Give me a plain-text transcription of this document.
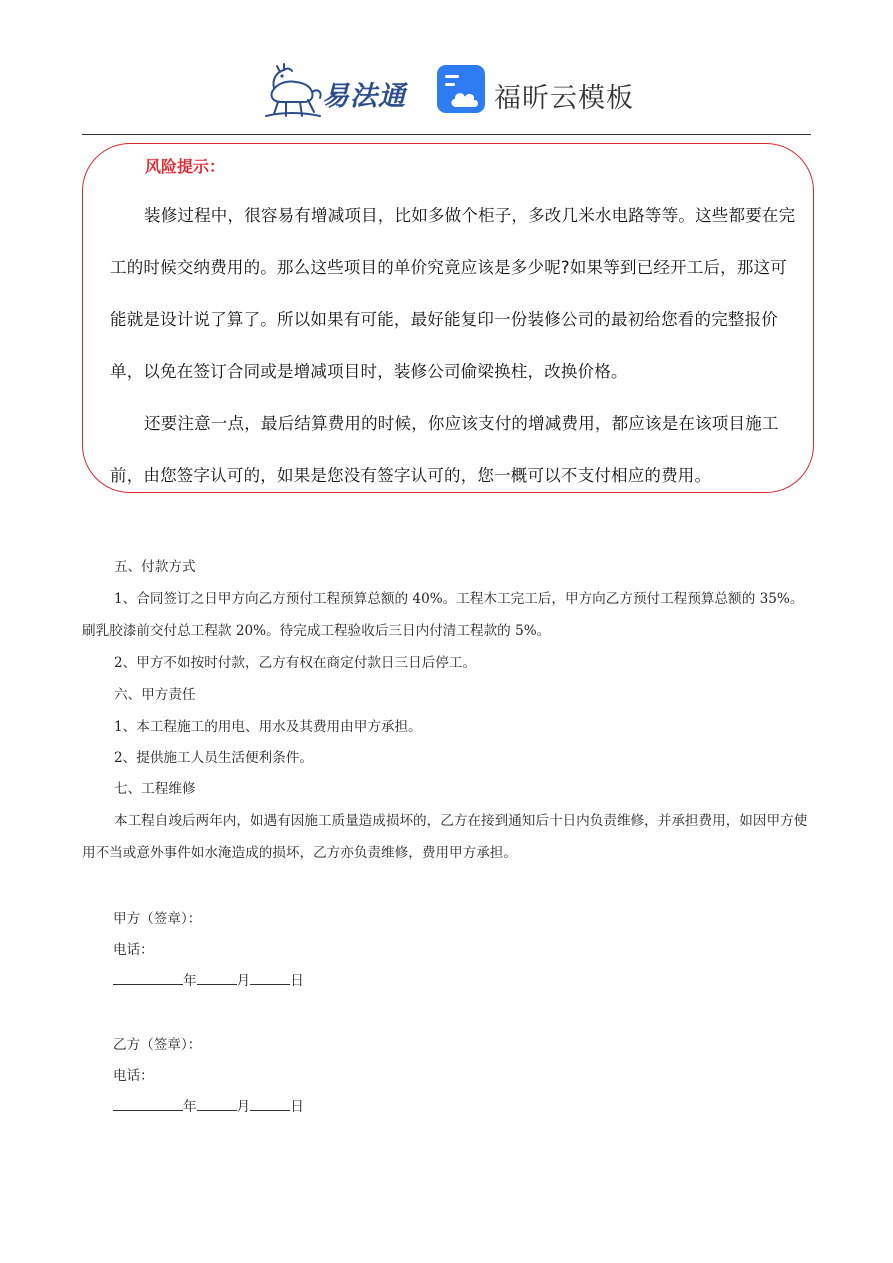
易法通	福昕云模板
风险提示：

装修过程中，很容易有增减项目，比如多做个柜子，多改几米水电路等等。这些都要在完工的时候交纳费用的。那么这些项目的单价究竟应该是多少呢?如果等到已经开工后，那这可能就是设计说了算了。所以如果有可能，最好能复印一份装修公司的最初给您看的完整报价单，以免在签订合同或是增减项目时，装修公司偷梁换柱，改换价格。

还要注意一点，最后结算费用的时候，你应该支付的增减费用，都应该是在该项目施工前，由您签字认可的，如果是您没有签字认可的，您一概可以不支付相应的费用。

五、付款方式

1、合同签订之日甲方向乙方预付工程预算总额的 40%。工程木工完工后，甲方向乙方预付工程预算总额的 35%。刷乳胶漆前交付总工程款 20%。待完成工程验收后三日内付清工程款的 5%。

2、甲方不如按时付款，乙方有权在商定付款日三日后停工。

六、甲方责任

1、本工程施工的用电、用水及其费用由甲方承担。

2、提供施工人员生活便利条件。

七、工程维修

本工程自竣后两年内，如遇有因施工质量造成损坏的，乙方在接到通知后十日内负责维修，并承担费用，如因甲方使用不当或意外事件如水淹造成的损坏，乙方亦负责维修，费用甲方承担。

甲方（签章）：
电话：
年	月	日
乙方（签章）：
电话：
年	月	日
